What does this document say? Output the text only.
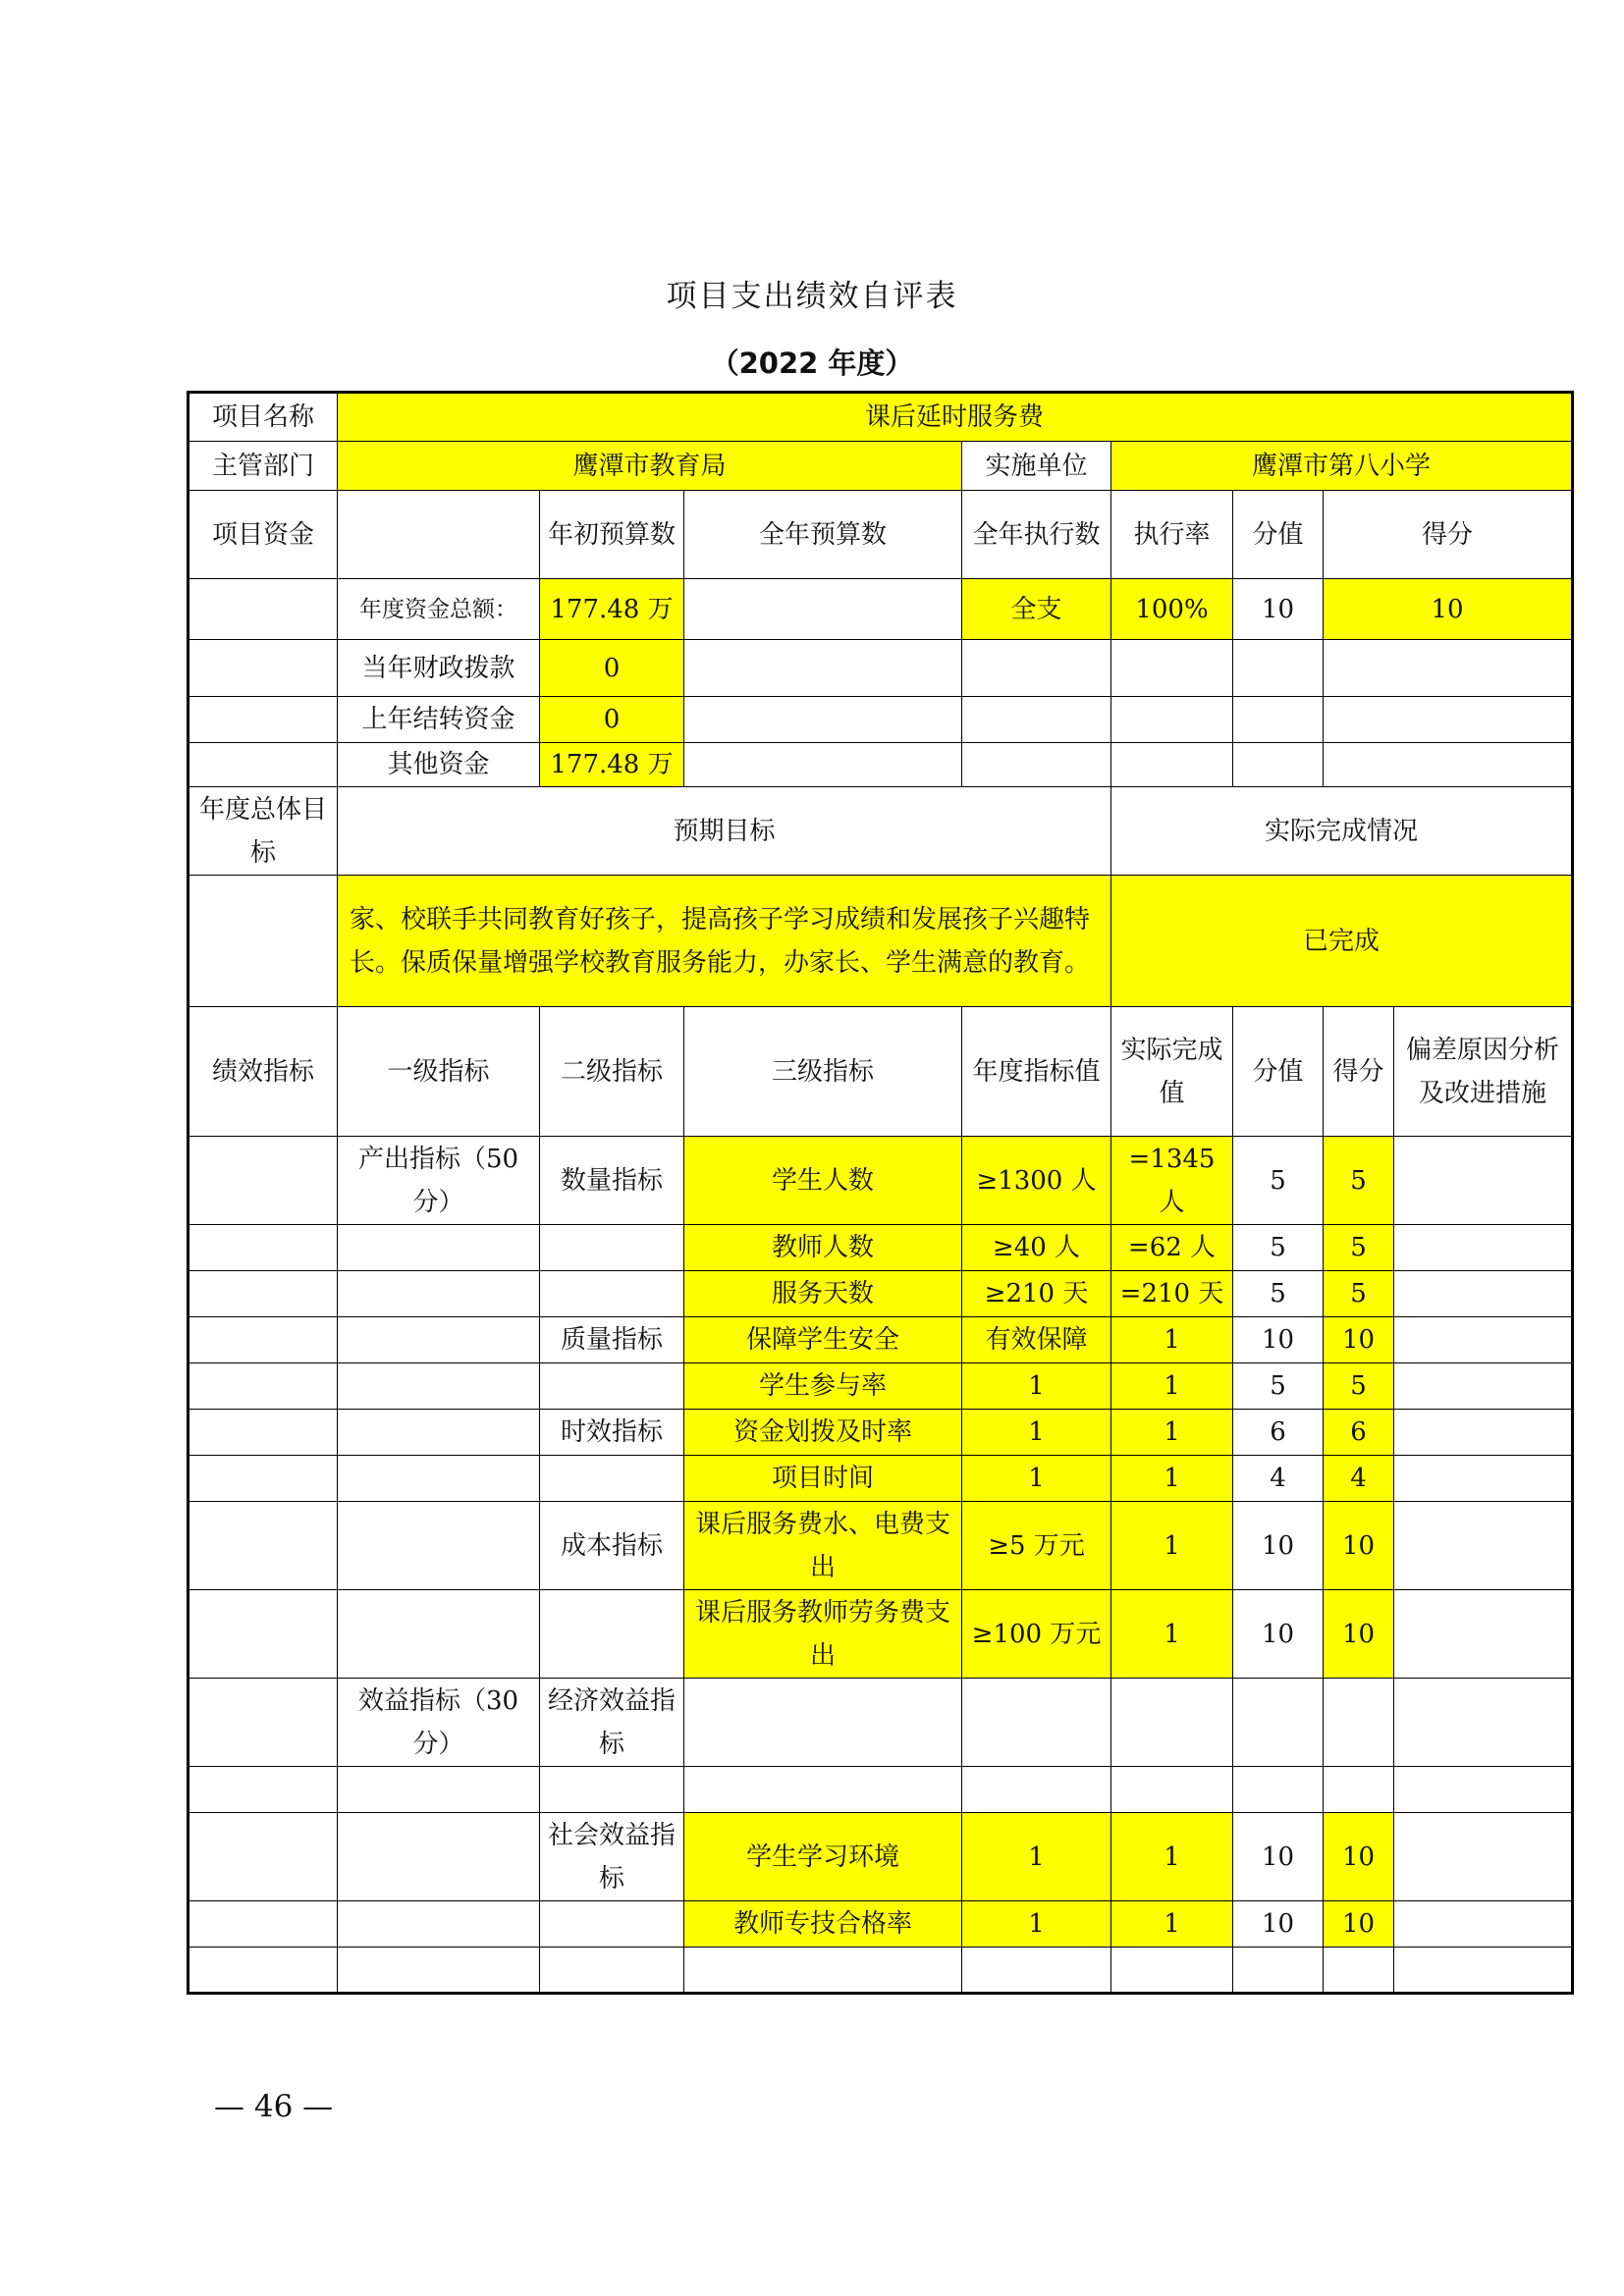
项目支出绩效自评表
（2022 年度）
项目名称	课后延时服务费							
主管部门	鹰潭市教育局			实施单位	鹰潭市第八小学			
项目资金		年初预算数	全年预算数	全年执行数	执行率	分值	得分	
	年度资金总额：	177.48 万		全支	100%	10	10	
	当年财政拨款	0						
	上年结转资金	0						
	其他资金	177.48 万						
年度总体目标	预期目标				实际完成情况			
	家、校联手共同教育好孩子，提高孩子学习成绩和发展孩子兴趣特长。保质保量增强学校教育服务能力，办家长、学生满意的教育。				已完成			
绩效指标	一级指标	二级指标	三级指标	年度指标值	实际完成值	分值	得分	偏差原因分析及改进措施
	产出指标（50 分）	数量指标	学生人数	≥1300 人	=1345 人	5	5	
			教师人数	≥40 人	=62 人	5	5	
			服务天数	≥210 天	=210 天	5	5	
		质量指标	保障学生安全	有效保障	1	10	10	
			学生参与率	1	1	5	5	
		时效指标	资金划拨及时率	1	1	6	6	
			项目时间	1	1	4	4	
		成本指标	课后服务费水、电费支出	≥5 万元	1	10	10	
			课后服务教师劳务费支出	≥100 万元	1	10	10	
	效益指标（30 分）	经济效益指标						

		社会效益指标	学生学习环境	1	1	10	10	
			教师专技合格率	1	1	10	10	

— 46 —
